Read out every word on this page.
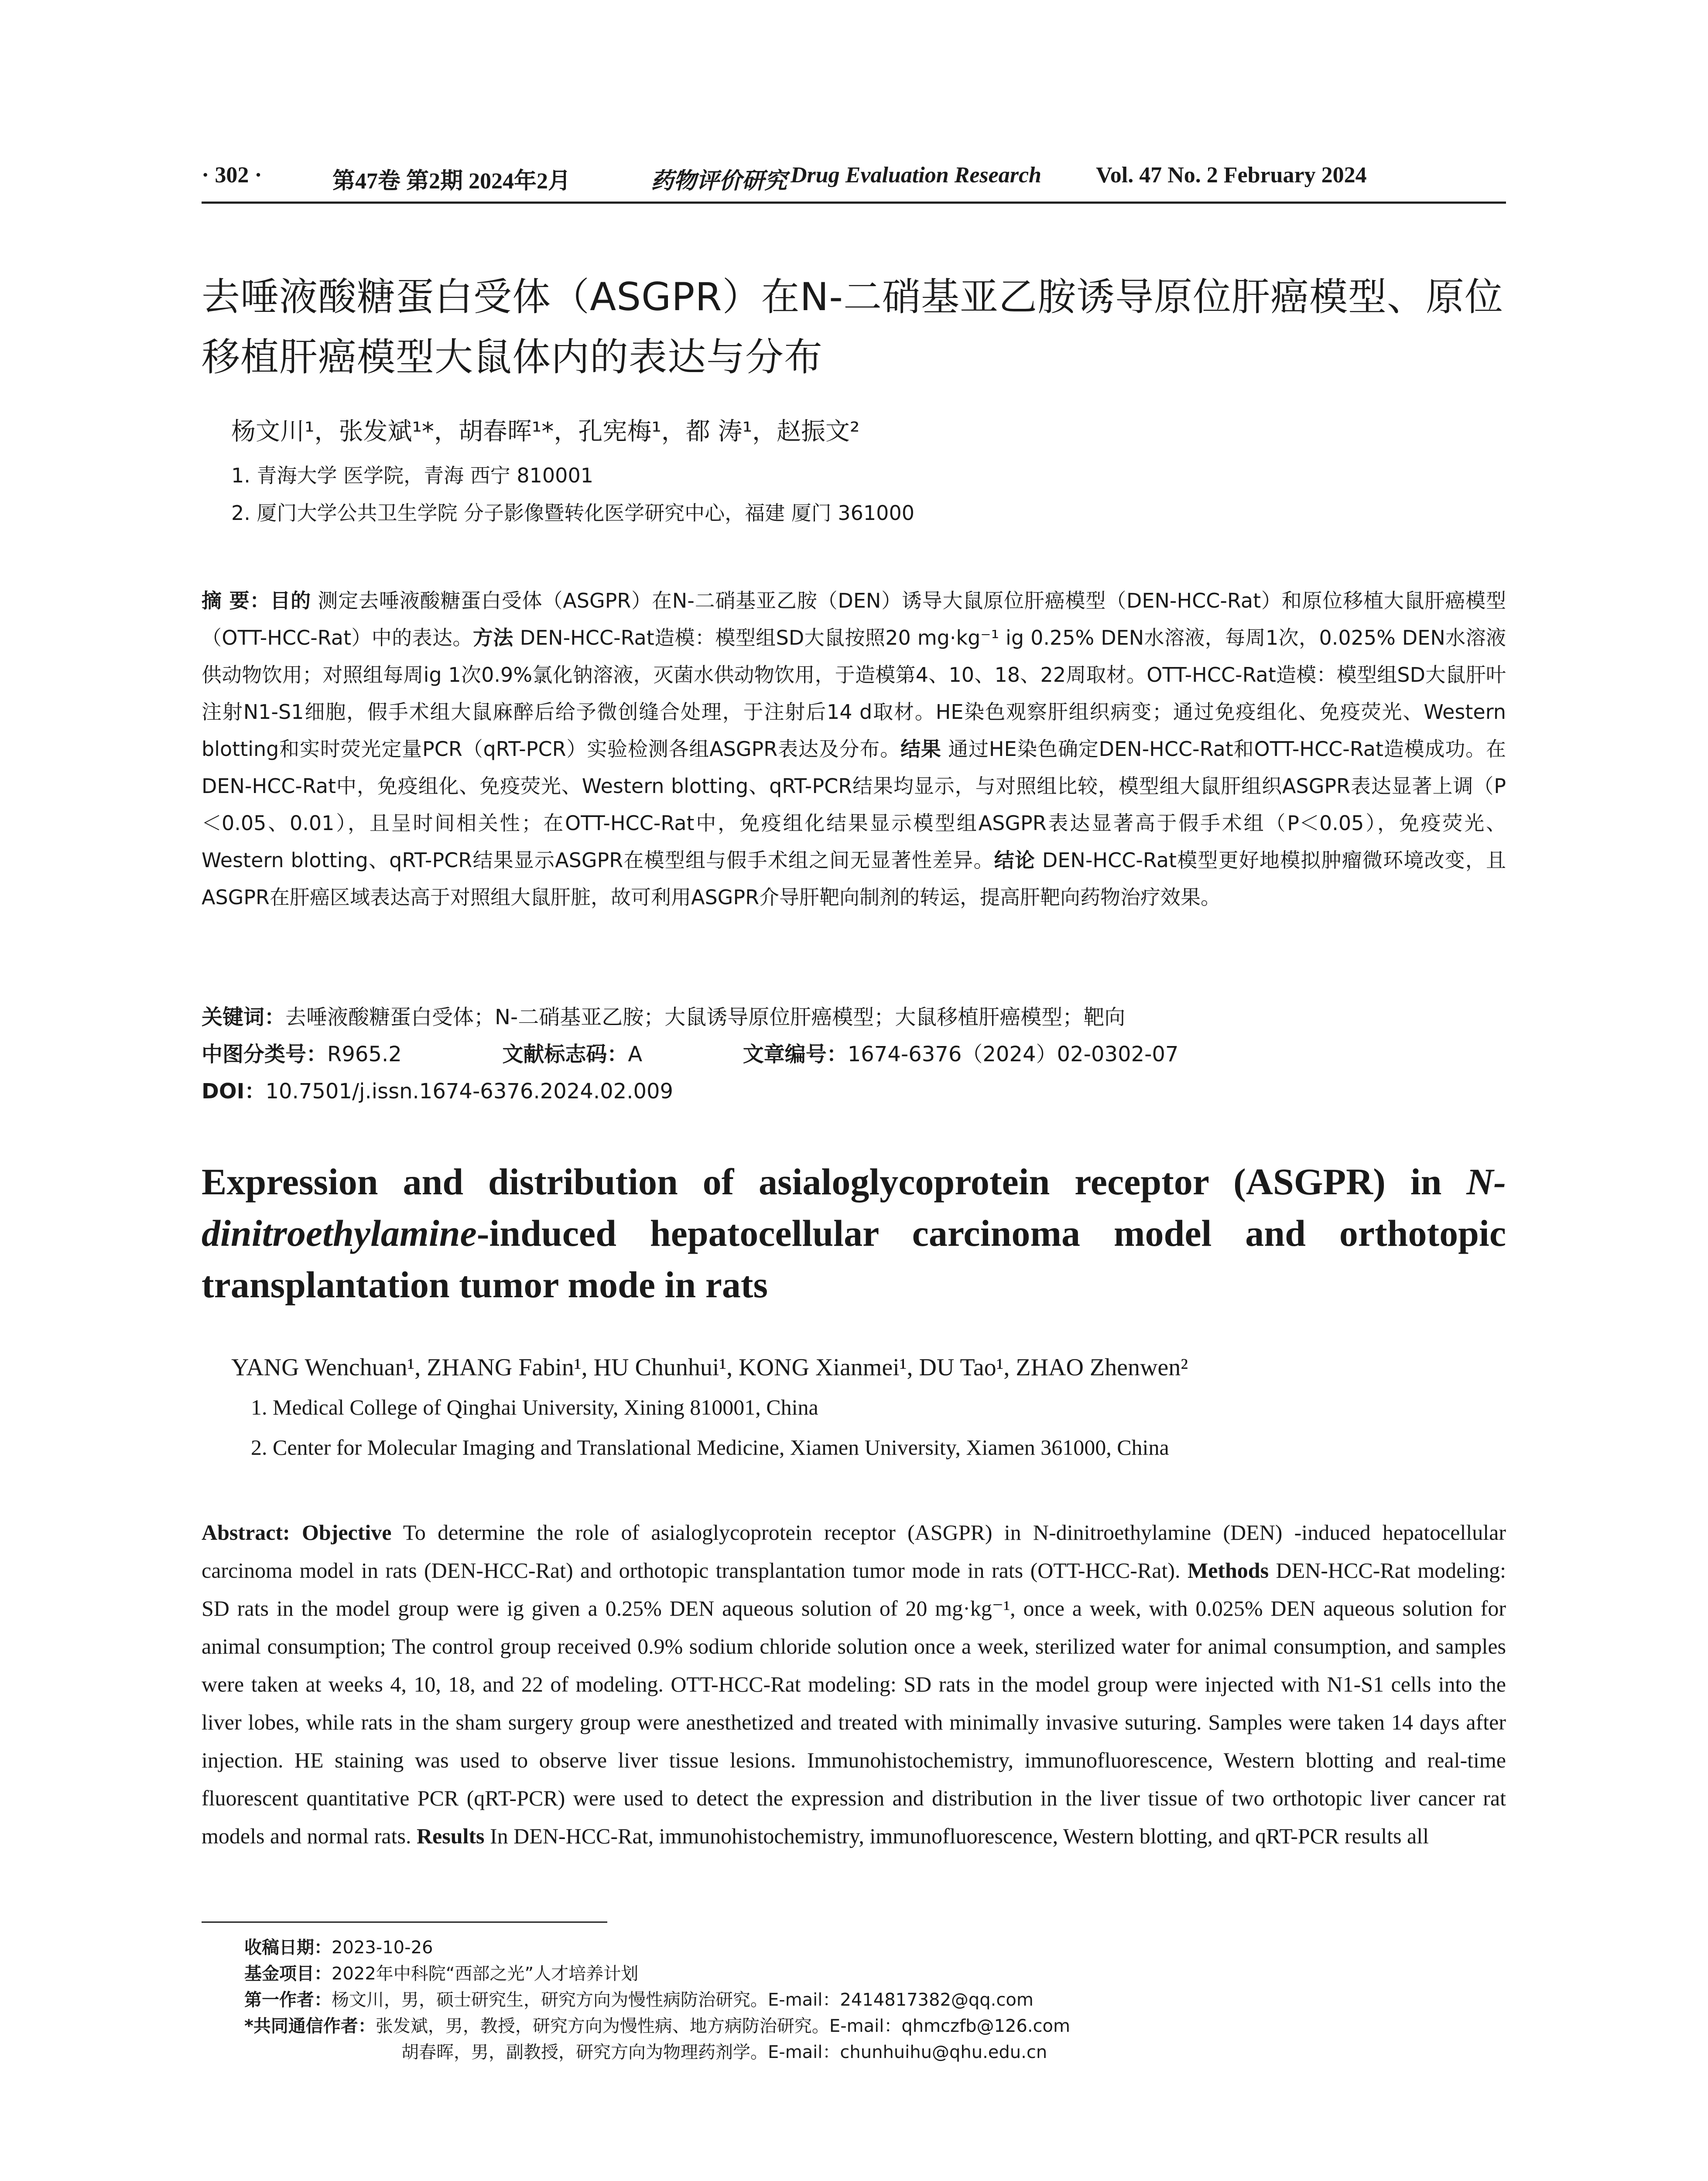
· 302 ·	第47卷 第2期 2024年2月	药物评价研究 Drug Evaluation Research Vol. 47 No. 2 February 2024
去唾液酸糖蛋白受体（ASGPR）在N-二硝基亚乙胺诱导原位肝癌模型、原位移植肝癌模型大鼠体内的表达与分布
杨文川¹，张发斌¹*，胡春晖¹*，孔宪梅¹，都 涛¹，赵振文²
1. 青海大学 医学院，青海 西宁 810001
2. 厦门大学公共卫生学院 分子影像暨转化医学研究中心，福建 厦门 361000
摘 要：目的 测定去唾液酸糖蛋白受体（ASGPR）在N-二硝基亚乙胺（DEN）诱导大鼠原位肝癌模型（DEN-HCC-Rat）和原位移植大鼠肝癌模型（OTT-HCC-Rat）中的表达。方法 DEN-HCC-Rat造模：模型组SD大鼠按照20 mg·kg⁻¹ ig 0.25% DEN水溶液，每周1次，0.025% DEN水溶液供动物饮用；对照组每周ig 1次0.9%氯化钠溶液，灭菌水供动物饮用，于造模第4、10、18、22周取材。OTT-HCC-Rat造模：模型组SD大鼠肝叶注射N1-S1细胞，假手术组大鼠麻醉后给予微创缝合处理，于注射后14 d取材。HE染色观察肝组织病变；通过免疫组化、免疫荧光、Western blotting和实时荧光定量PCR（qRT-PCR）实验检测各组ASGPR表达及分布。结果 通过HE染色确定DEN-HCC-Rat和OTT-HCC-Rat造模成功。在DEN-HCC-Rat中，免疫组化、免疫荧光、Western blotting、qRT-PCR结果均显示，与对照组比较，模型组大鼠肝组织ASGPR表达显著上调（P＜0.05、0.01），且呈时间相关性；在OTT-HCC-Rat中，免疫组化结果显示模型组ASGPR表达显著高于假手术组（P＜0.05），免疫荧光、Western blotting、qRT-PCR结果显示ASGPR在模型组与假手术组之间无显著性差异。结论 DEN-HCC-Rat模型更好地模拟肿瘤微环境改变，且ASGPR在肝癌区域表达高于对照组大鼠肝脏，故可利用ASGPR介导肝靶向制剂的转运，提高肝靶向药物治疗效果。
关键词：去唾液酸糖蛋白受体；N-二硝基亚乙胺；大鼠诱导原位肝癌模型；大鼠移植肝癌模型；靶向
中图分类号：R965.2	文献标志码：A	文章编号：1674-6376（2024）02-0302-07
DOI：10.7501/j.issn.1674-6376.2024.02.009
Expression and distribution of asialoglycoprotein receptor (ASGPR) in N-dinitroethylamine-induced hepatocellular carcinoma model and orthotopic transplantation tumor mode in rats
YANG Wenchuan¹, ZHANG Fabin¹, HU Chunhui¹, KONG Xianmei¹, DU Tao¹, ZHAO Zhenwen²
1. Medical College of Qinghai University, Xining 810001, China
2. Center for Molecular Imaging and Translational Medicine, Xiamen University, Xiamen 361000, China
Abstract: Objective To determine the role of asialoglycoprotein receptor (ASGPR) in N-dinitroethylamine (DEN) -induced hepatocellular carcinoma model in rats (DEN-HCC-Rat) and orthotopic transplantation tumor mode in rats (OTT-HCC-Rat). Methods DEN-HCC-Rat modeling: SD rats in the model group were ig given a 0.25% DEN aqueous solution of 20 mg·kg⁻¹, once a week, with 0.025% DEN aqueous solution for animal consumption; The control group received 0.9% sodium chloride solution once a week, sterilized water for animal consumption, and samples were taken at weeks 4, 10, 18, and 22 of modeling. OTT-HCC-Rat modeling: SD rats in the model group were injected with N1-S1 cells into the liver lobes, while rats in the sham surgery group were anesthetized and treated with minimally invasive suturing. Samples were taken 14 days after injection. HE staining was used to observe liver tissue lesions. Immunohistochemistry, immunofluorescence, Western blotting and real-time fluorescent quantitative PCR (qRT-PCR) were used to detect the expression and distribution in the liver tissue of two orthotopic liver cancer rat models and normal rats. Results In DEN-HCC-Rat, immunohistochemistry, immunofluorescence, Western blotting, and qRT-PCR results all
收稿日期：2023-10-26
基金项目：2022年中科院“西部之光”人才培养计划
第一作者：杨文川，男，硕士研究生，研究方向为慢性病防治研究。E-mail：2414817382@qq.com
*共同通信作者：张发斌，男，教授，研究方向为慢性病、地方病防治研究。E-mail：qhmczfb@126.com
胡春晖，男，副教授，研究方向为物理药剂学。E-mail：chunhuihu@qhu.edu.cn
